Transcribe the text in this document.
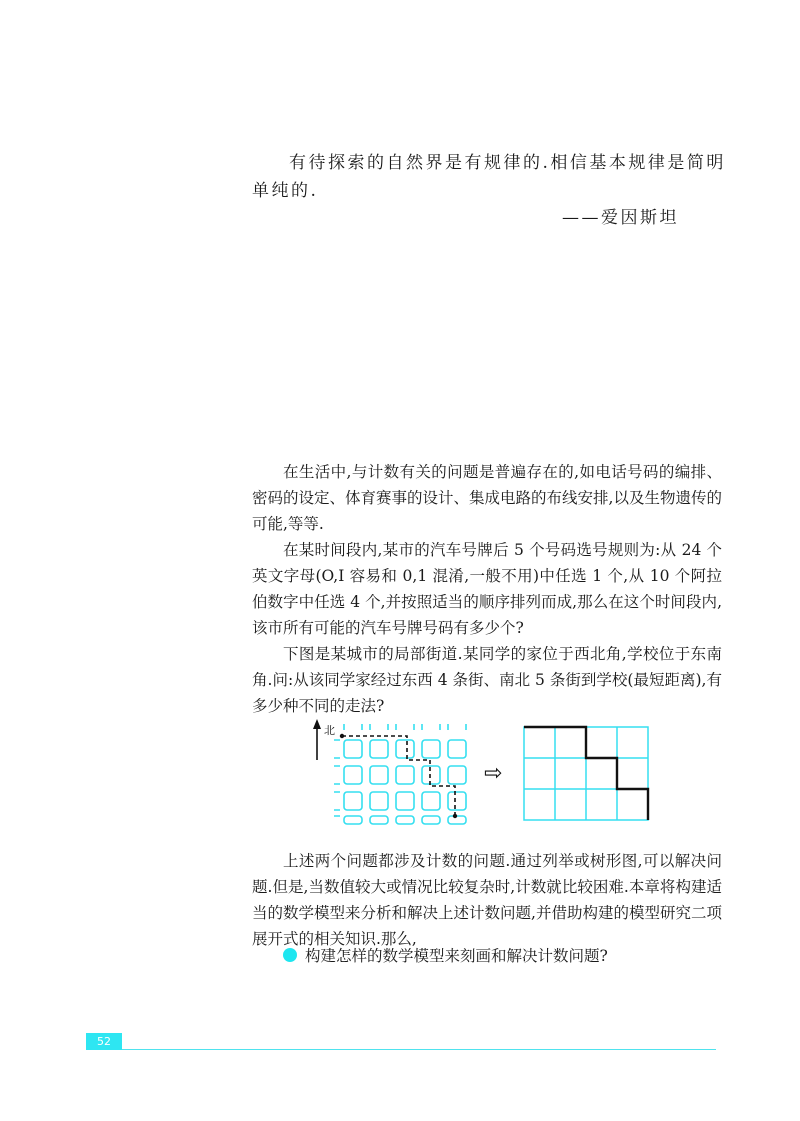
有待探索的自然界是有规律的.相信基本规律是简明
单纯的.
——爱因斯坦

在生活中,与计数有关的问题是普遍存在的,如电话号码的编排、密码的设定、体育赛事的设计、集成电路的布线安排,以及生物遗传的可能,等等.

在某时间段内,某市的汽车号牌后 5 个号码选号规则为:从 24 个英文字母(O,I 容易和 0,1 混淆,一般不用)中任选 1 个,从 10 个阿拉伯数字中任选 4 个,并按照适当的顺序排列而成,那么在这个时间段内,该市所有可能的汽车号牌号码有多少个?

下图是某城市的局部街道.某同学的家位于西北角,学校位于东南角.问:从该同学家经过东西 4 条街、南北 5 条街到学校(最短距离),有多少种不同的走法?

北
⇨

上述两个问题都涉及计数的问题.通过列举或树形图,可以解决问题.但是,当数值较大或情况比较复杂时,计数就比较困难.本章将构建适当的数学模型来分析和解决上述计数问题,并借助构建的模型研究二项展开式的相关知识.那么,

构建怎样的数学模型来刻画和解决计数问题?
52
